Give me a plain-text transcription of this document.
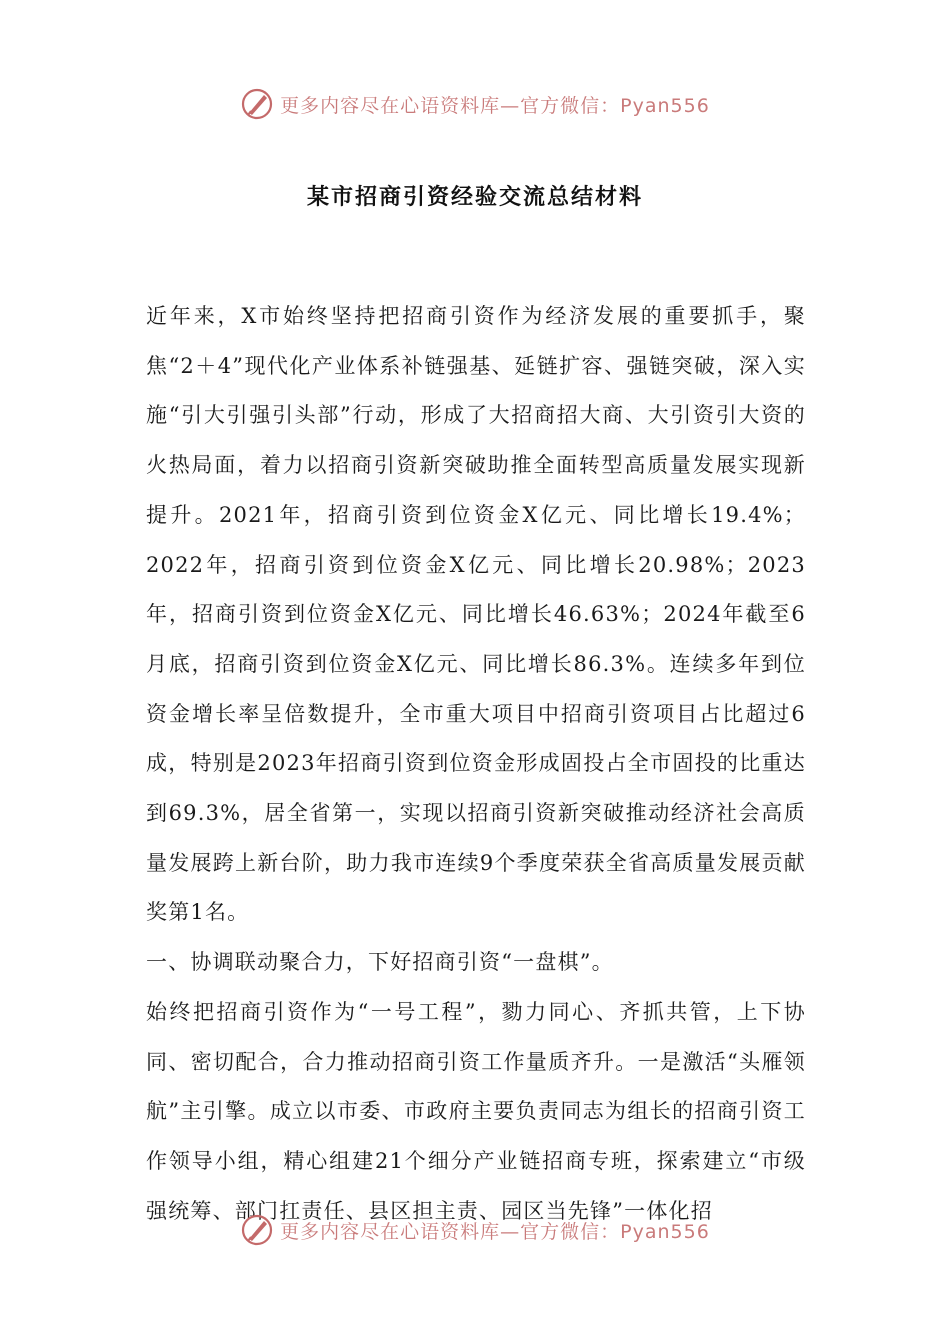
更多内容尽在心语资料库—官方微信：Pyan556
某市招商引资经验交流总结材料

近年来，X市始终坚持把招商引资作为经济发展的重要抓手，聚焦“2＋4”现代化产业体系补链强基、延链扩容、强链突破，深入实施“引大引强引头部”行动，形成了大招商招大商、大引资引大资的火热局面，着力以招商引资新突破助推全面转型高质量发展实现新提升。2021年，招商引资到位资金X亿元、同比增长19.4%；2022年，招商引资到位资金X亿元、同比增长20.98%；2023年，招商引资到位资金X亿元、同比增长46.63%；2024年截至6月底，招商引资到位资金X亿元、同比增长86.3%。连续多年到位资金增长率呈倍数提升，全市重大项目中招商引资项目占比超过6成，特别是2023年招商引资到位资金形成固投占全市固投的比重达到69.3%，居全省第一，实现以招商引资新突破推动经济社会高质量发展跨上新台阶，助力我市连续9个季度荣获全省高质量发展贡献奖第1名。

一、协调联动聚合力，下好招商引资“一盘棋”。

始终把招商引资作为“一号工程”，勠力同心、齐抓共管，上下协同、密切配合，合力推动招商引资工作量质齐升。一是激活“头雁领航”主引擎。成立以市委、市政府主要负责同志为组长的招商引资工作领导小组，精心组建21个细分产业链招商专班，探索建立“市级强统筹、部门扛责任、县区担主责、园区当先锋”一体化招

更多内容尽在心语资料库—官方微信：Pyan556
